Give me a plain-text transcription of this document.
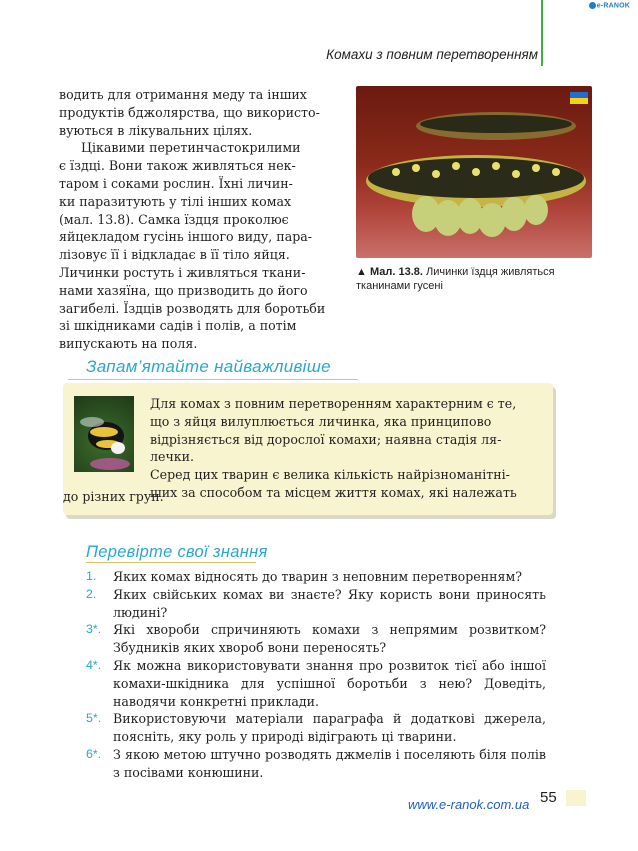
e-RANOK
Комахи з повним перетворенням

водить для отримання меду та інших

продуктів бджолярства, що використо-

вуються в лікувальних цілях.

Цікавими перетинчастокрилими

є їздці. Вони також живляться нек-

таром і соками рослин. Їхні личин-

ки паразитують у тілі інших комах

(мал. 13.8). Самка їздця проколює

яйцекладом гусінь іншого виду, пара-

лізовує її і відкладає в її тіло яйця.

Личинки ростуть і живляться ткани-

нами хазяїна, що призводить до його

загибелі. Їздців розводять для боротьби

зі шкідниками садів і полів, а потім

випускають на поля.

▲ Мал. 13.8. Личинки їздця живляться тканинами гусені
Запам’ятайте найважливіше

Для комах з повним перетворенням характерним є те,

що з яйця вилуплюється личинка, яка принципово

відрізняється від дорослої комахи; наявна стадія ля-

лечки.

Серед цих тварин є велика кількість найрізноманітні-

ших за способом та місцем життя комах, які належать

до різних груп.
Перевірте свої знання
1. Яких комах відносять до тварин з неповним перетворенням?
2. Яких свійських комах ви знаєте? Яку користь вони приносять людині?
3*. Які хвороби спричиняють комахи з непрямим розвитком? Збудників яких хвороб вони переносять?
4*. Як можна використовувати знання про розвиток тієї або іншої комахи-шкідника для успішної боротьби з нею? Доведіть, наводячи конкретні приклади.
5*. Використовуючи матеріали параграфа й додаткові джерела, поясніть, яку роль у природі відіграють ці тварини.
6*. З якою метою штучно розводять джмелів і поселяють біля полів з посівами конюшини.
www.e-ranok.com.ua 55
